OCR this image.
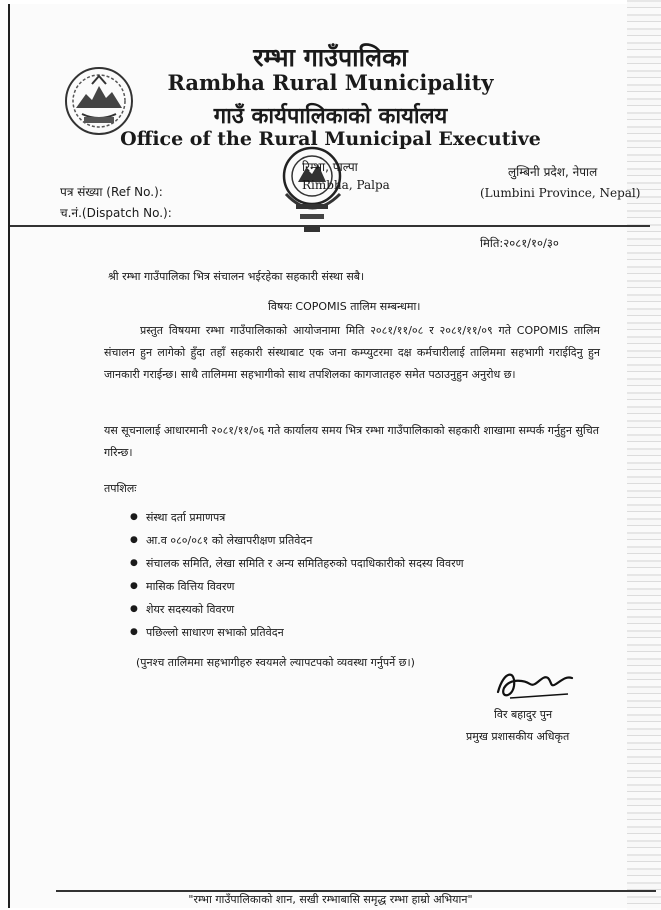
रम्भा गाउँपालिका
Rambha Rural Municipality
गाउँ कार्यपालिकाको कार्यालय
Office of the Rural Municipal Executive
रिम्भा, पाल्पा
Rimbha, Palpa
लुम्बिनी प्रदेश, नेपाल
(Lumbini Province, Nepal)
पत्र संख्या (Ref No.):
च.नं.(Dispatch No.):
मिति:२०८१/१०/३०
श्री रम्भा गाउँपालिका भित्र संचालन भईरहेका सहकारी संस्था सबै।
विषयः COPOMIS तालिम सम्बन्धमा।
प्रस्तुत विषयमा रम्भा गाउँपालिकाको आयोजनामा मिति २०८१/११/०८ र २०८१/११/०९ गते COPOMIS तालिम संचालन हुन लागेको हुँदा तहाँ सहकारी संस्थाबाट एक जना कम्प्युटरमा दक्ष कर्मचारीलाई तालिममा सहभागी गराईदिनु हुन जानकारी गराईन्छ। साथै तालिममा सहभागीको साथ तपशिलका कागजातहरु समेत पठाउनुहुन अनुरोध छ।
यस सूचनालाई आधारमानी २०८१/११/०६ गते कार्यालय समय भित्र रम्भा गाउँपालिकाको सहकारी शाखामा सम्पर्क गर्नुहुन सुचित गरिन्छ।
तपशिलः
● संस्था दर्ता प्रमाणपत्र
● आ.व ०८०/०८१ को लेखापरीक्षण प्रतिवेदन
● संचालक समिति, लेखा समिति र अन्य समितिहरुको पदाधिकारीको सदस्य विवरण
● मासिक वित्तिय विवरण
● शेयर सदस्यको विवरण
● पछिल्लो साधारण सभाको प्रतिवेदन
(पुनश्च तालिममा सहभागीहरु स्वयमले ल्यापटपको व्यवस्था गर्नुपर्ने छ।)
विर बहादुर पुन
प्रमुख प्रशासकीय अधिकृत
"रम्भा गाउँपालिकाको शान, सखी रम्भाबासि समृद्ध रम्भा हाम्रो अभियान"
